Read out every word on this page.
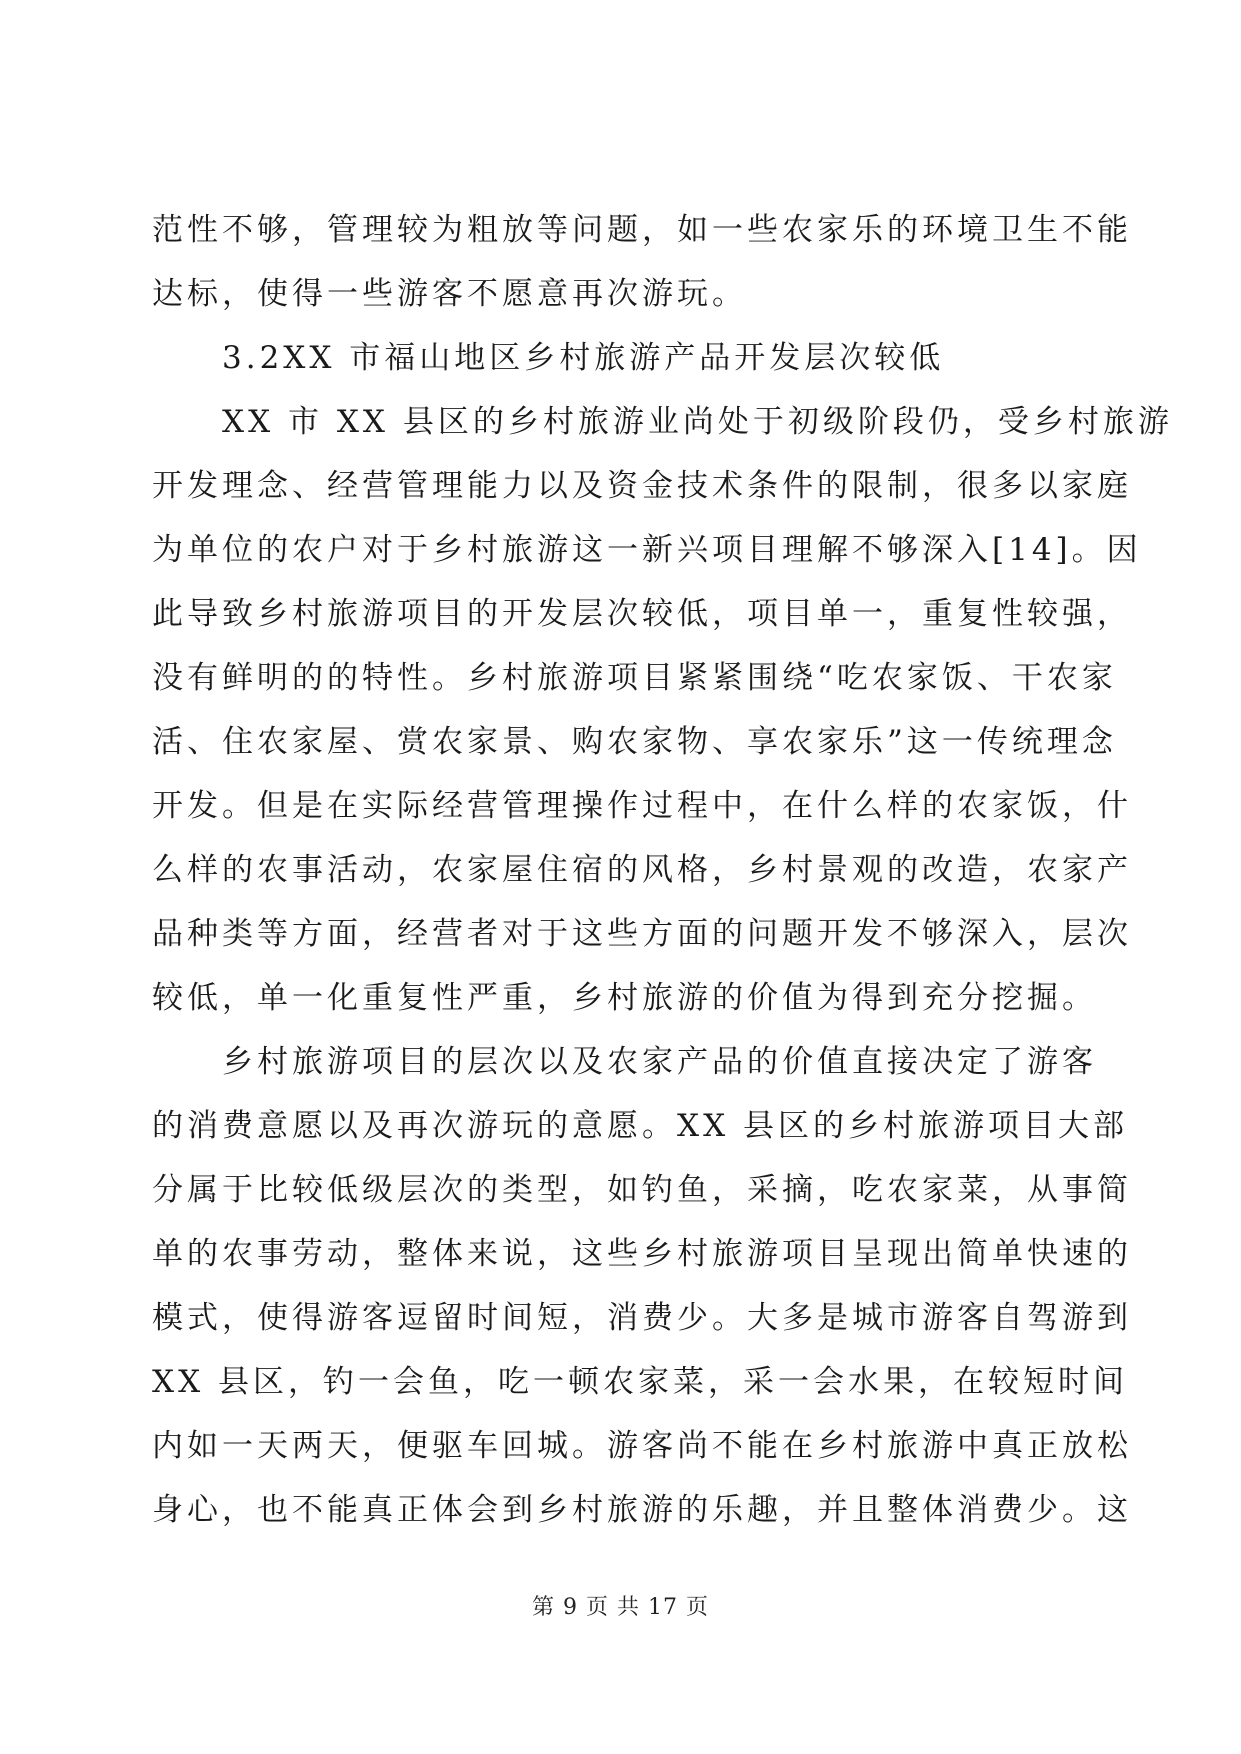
范性不够，管理较为粗放等问题，如一些农家乐的环境卫生不能
达标，使得一些游客不愿意再次游玩。
3.2XX 市福山地区乡村旅游产品开发层次较低
XX 市 XX 县区的乡村旅游业尚处于初级阶段仍，受乡村旅游
开发理念、经营管理能力以及资金技术条件的限制，很多以家庭
为单位的农户对于乡村旅游这一新兴项目理解不够深入[14]。因
此导致乡村旅游项目的开发层次较低，项目单一，重复性较强，
没有鲜明的的特性。乡村旅游项目紧紧围绕“吃农家饭、干农家
活、住农家屋、赏农家景、购农家物、享农家乐”这一传统理念
开发。但是在实际经营管理操作过程中，在什么样的农家饭，什
么样的农事活动，农家屋住宿的风格，乡村景观的改造，农家产
品种类等方面，经营者对于这些方面的问题开发不够深入，层次
较低，单一化重复性严重，乡村旅游的价值为得到充分挖掘。
乡村旅游项目的层次以及农家产品的价值直接决定了游客
的消费意愿以及再次游玩的意愿。XX 县区的乡村旅游项目大部
分属于比较低级层次的类型，如钓鱼，采摘，吃农家菜，从事简
单的农事劳动，整体来说，这些乡村旅游项目呈现出简单快速的
模式，使得游客逗留时间短，消费少。大多是城市游客自驾游到
XX 县区，钓一会鱼，吃一顿农家菜，采一会水果，在较短时间
内如一天两天，便驱车回城。游客尚不能在乡村旅游中真正放松
身心，也不能真正体会到乡村旅游的乐趣，并且整体消费少。这
第 9 页 共 17 页
